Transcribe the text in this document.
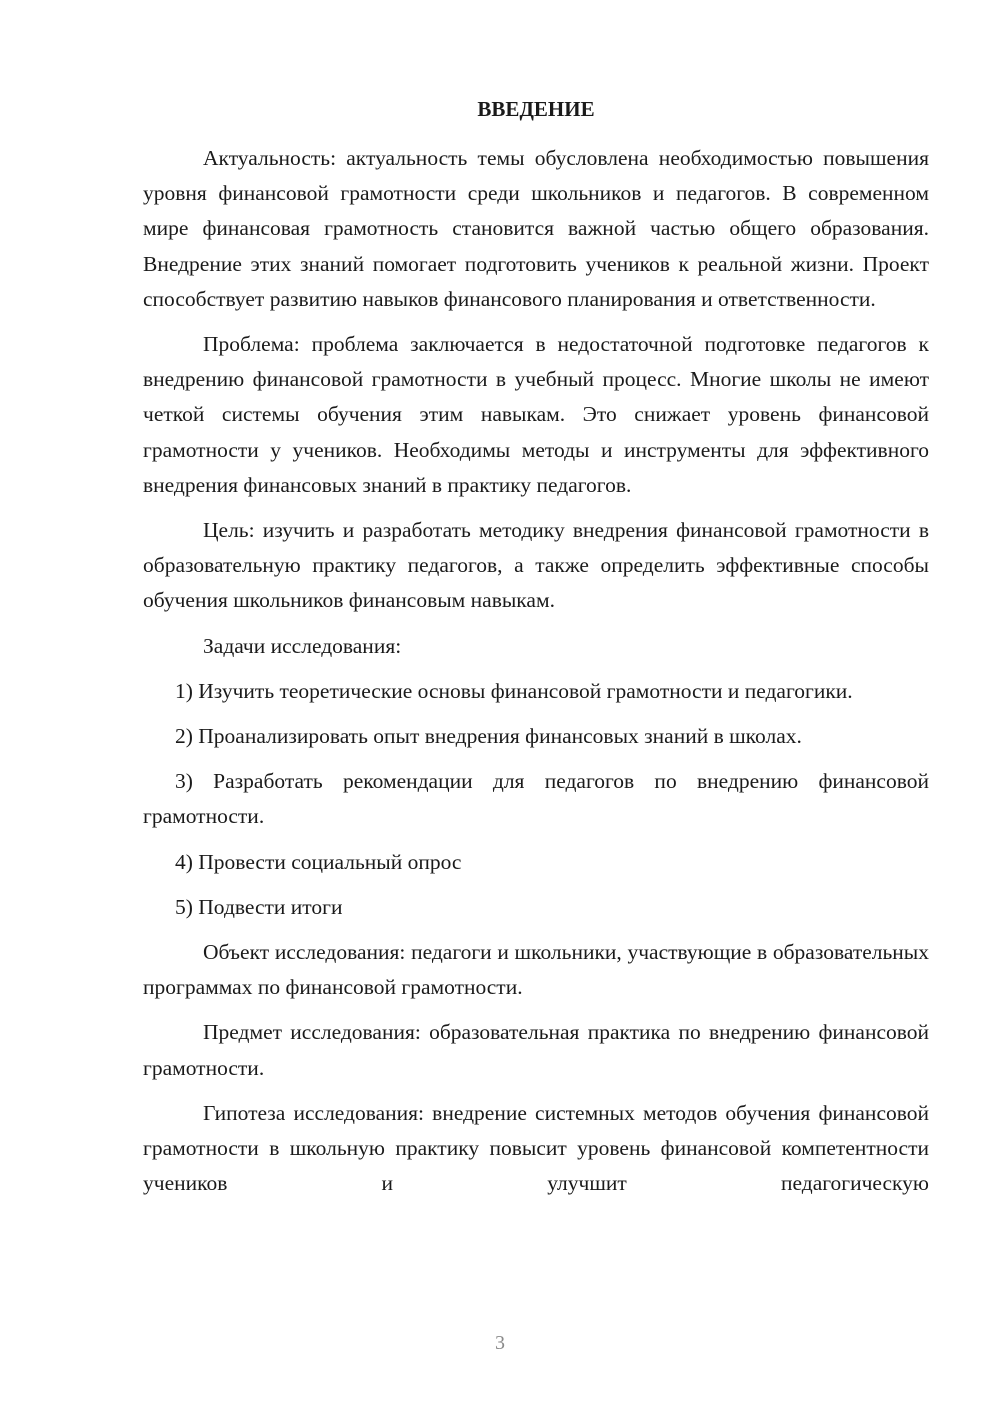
ВВЕДЕНИЕ

Актуальность: актуальность темы обусловлена необходимостью повышения уровня финансовой грамотности среди школьников и педагогов. В современном мире финансовая грамотность становится важной частью общего образования. Внедрение этих знаний помогает подготовить учеников к реальной жизни. Проект способствует развитию навыков финансового планирования и ответственности.

Проблема: проблема заключается в недостаточной подготовке педагогов к внедрению финансовой грамотности в учебный процесс. Многие школы не имеют четкой системы обучения этим навыкам. Это снижает уровень финансовой грамотности у учеников. Необходимы методы и инструменты для эффективного внедрения финансовых знаний в практику педагогов.

Цель: изучить и разработать методику внедрения финансовой грамотности в образовательную практику педагогов, а также определить эффективные способы обучения школьников финансовым навыкам.

Задачи исследования:

1) Изучить теоретические основы финансовой грамотности и педагогики.

2) Проанализировать опыт внедрения финансовых знаний в школах.

3) Разработать рекомендации для педагогов по внедрению финансовой грамотности.

4) Провести социальный опрос

5) Подвести итоги

Объект исследования: педагоги и школьники, участвующие в образовательных программах по финансовой грамотности.

Предмет исследования: образовательная практика по внедрению финансовой грамотности.

Гипотеза исследования: внедрение системных методов обучения финансовой грамотности в школьную практику повысит уровень финансовой компетентности учеников и улучшит педагогическую

3
